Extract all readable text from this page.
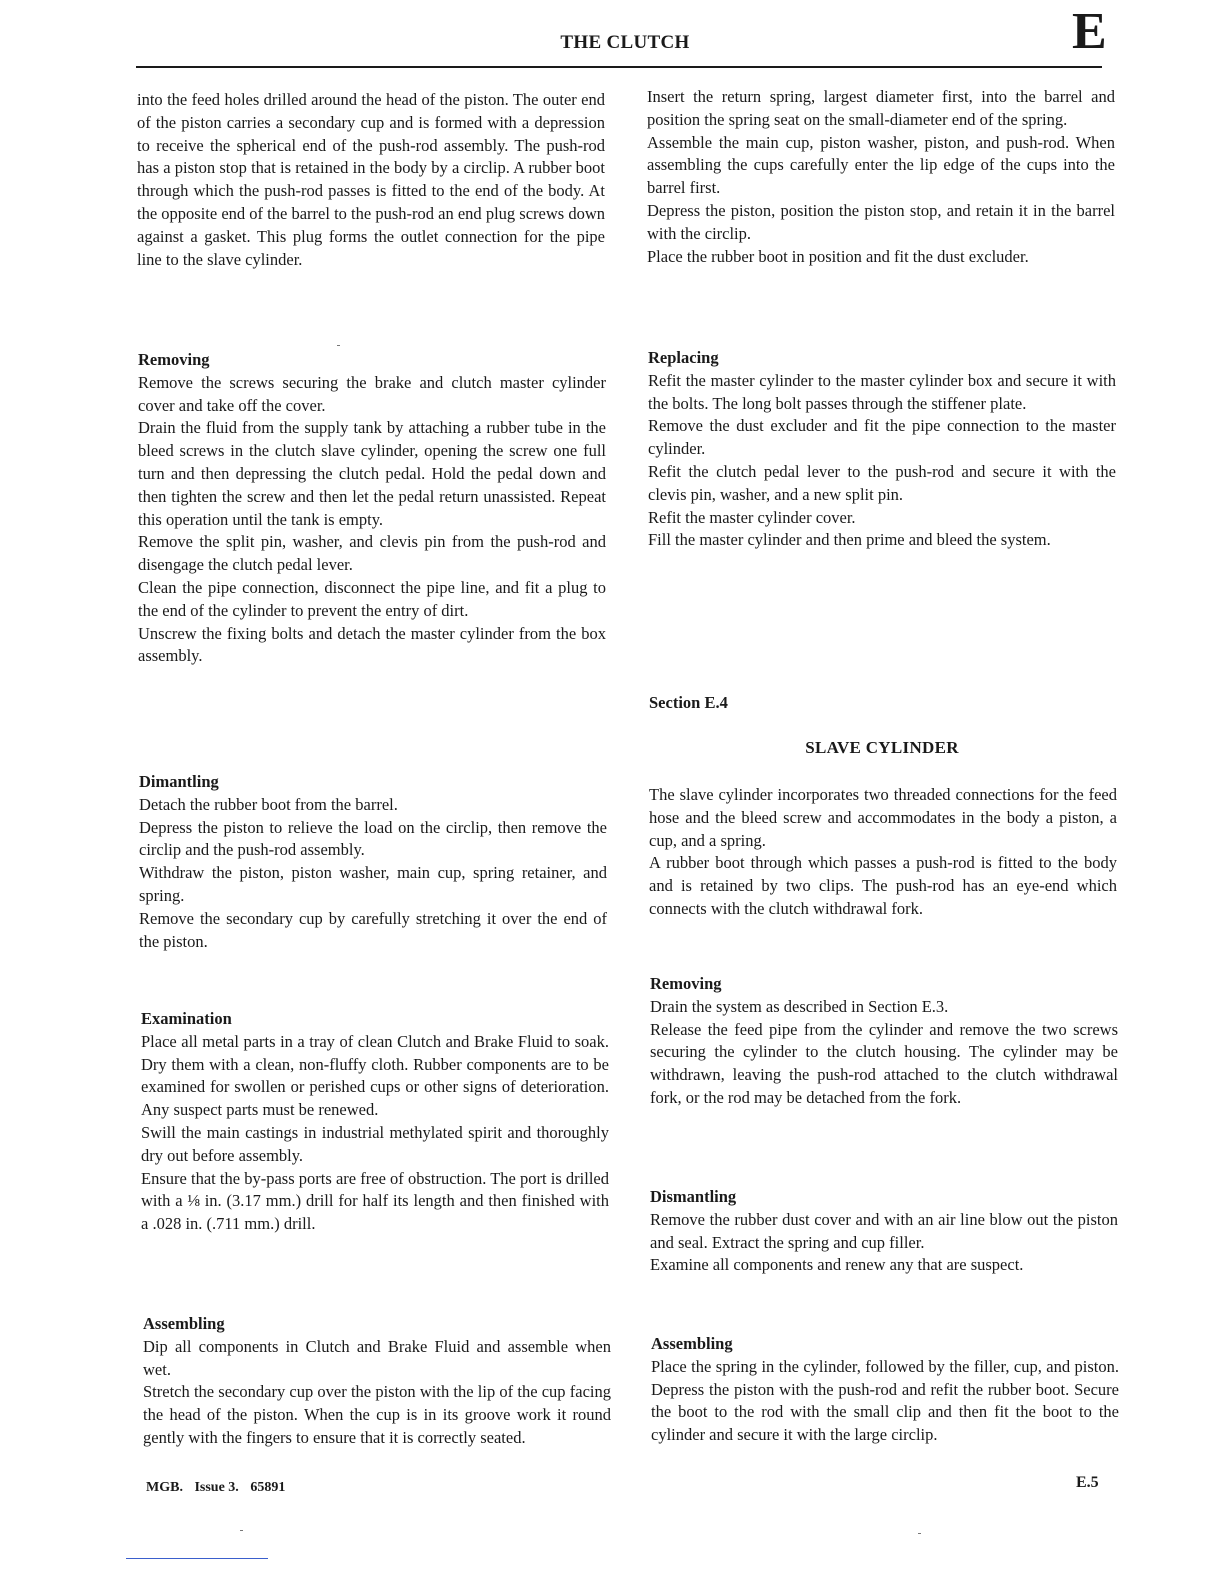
THE CLUTCH	E

into the feed holes drilled around the head of the piston. The outer end of the piston carries a secondary cup and is formed with a depression to receive the spherical end of the push-rod assembly. The push-rod has a piston stop that is retained in the body by a circlip. A rubber boot through which the push-rod passes is fitted to the end of the body. At the opposite end of the barrel to the push-rod an end plug screws down against a gasket. This plug forms the outlet connection for the pipe line to the slave cylinder.

Removing

Remove the screws securing the brake and clutch master cylinder cover and take off the cover.

Drain the fluid from the supply tank by attaching a rubber tube in the bleed screws in the clutch slave cylinder, opening the screw one full turn and then depressing the clutch pedal. Hold the pedal down and then tighten the screw and then let the pedal return unassisted. Repeat this operation until the tank is empty.

Remove the split pin, washer, and clevis pin from the push-rod and disengage the clutch pedal lever.

Clean the pipe connection, disconnect the pipe line, and fit a plug to the end of the cylinder to prevent the entry of dirt.

Unscrew the fixing bolts and detach the master cylinder from the box assembly.

Dimantling

Detach the rubber boot from the barrel.

Depress the piston to relieve the load on the circlip, then remove the circlip and the push-rod assembly.

Withdraw the piston, piston washer, main cup, spring retainer, and spring.

Remove the secondary cup by carefully stretching it over the end of the piston.

Examination

Place all metal parts in a tray of clean Clutch and Brake Fluid to soak. Dry them with a clean, non-fluffy cloth. Rubber components are to be examined for swollen or perished cups or other signs of deterioration. Any suspect parts must be renewed.

Swill the main castings in industrial methylated spirit and thoroughly dry out before assembly.

Ensure that the by-pass ports are free of obstruction. The port is drilled with a ⅛ in. (3.17 mm.) drill for half its length and then finished with a .028 in. (.711 mm.) drill.

Assembling

Dip all components in Clutch and Brake Fluid and assemble when wet.

Stretch the secondary cup over the piston with the lip of the cup facing the head of the piston. When the cup is in its groove work it round gently with the fingers to ensure that it is correctly seated.

Insert the return spring, largest diameter first, into the barrel and position the spring seat on the small-diameter end of the spring.

Assemble the main cup, piston washer, piston, and push-rod. When assembling the cups carefully enter the lip edge of the cups into the barrel first.

Depress the piston, position the piston stop, and retain it in the barrel with the circlip.

Place the rubber boot in position and fit the dust excluder.

Replacing

Refit the master cylinder to the master cylinder box and secure it with the bolts. The long bolt passes through the stiffener plate.

Remove the dust excluder and fit the pipe connection to the master cylinder.

Refit the clutch pedal lever to the push-rod and secure it with the clevis pin, washer, and a new split pin.

Refit the master cylinder cover.

Fill the master cylinder and then prime and bleed the system.

Section E.4
SLAVE CYLINDER

The slave cylinder incorporates two threaded connections for the feed hose and the bleed screw and accommodates in the body a piston, a cup, and a spring.

A rubber boot through which passes a push-rod is fitted to the body and is retained by two clips. The push-rod has an eye-end which connects with the clutch withdrawal fork.

Removing

Drain the system as described in Section E.3.

Release the feed pipe from the cylinder and remove the two screws securing the cylinder to the clutch housing. The cylinder may be withdrawn, leaving the push-rod attached to the clutch withdrawal fork, or the rod may be detached from the fork.

Dismantling

Remove the rubber dust cover and with an air line blow out the piston and seal. Extract the spring and cup filler.

Examine all components and renew any that are suspect.

Assembling

Place the spring in the cylinder, followed by the filler, cup, and piston. Depress the piston with the push-rod and refit the rubber boot. Secure the boot to the rod with the small clip and then fit the boot to the cylinder and secure it with the large circlip.

MGB. Issue 3. 65891	E.5
